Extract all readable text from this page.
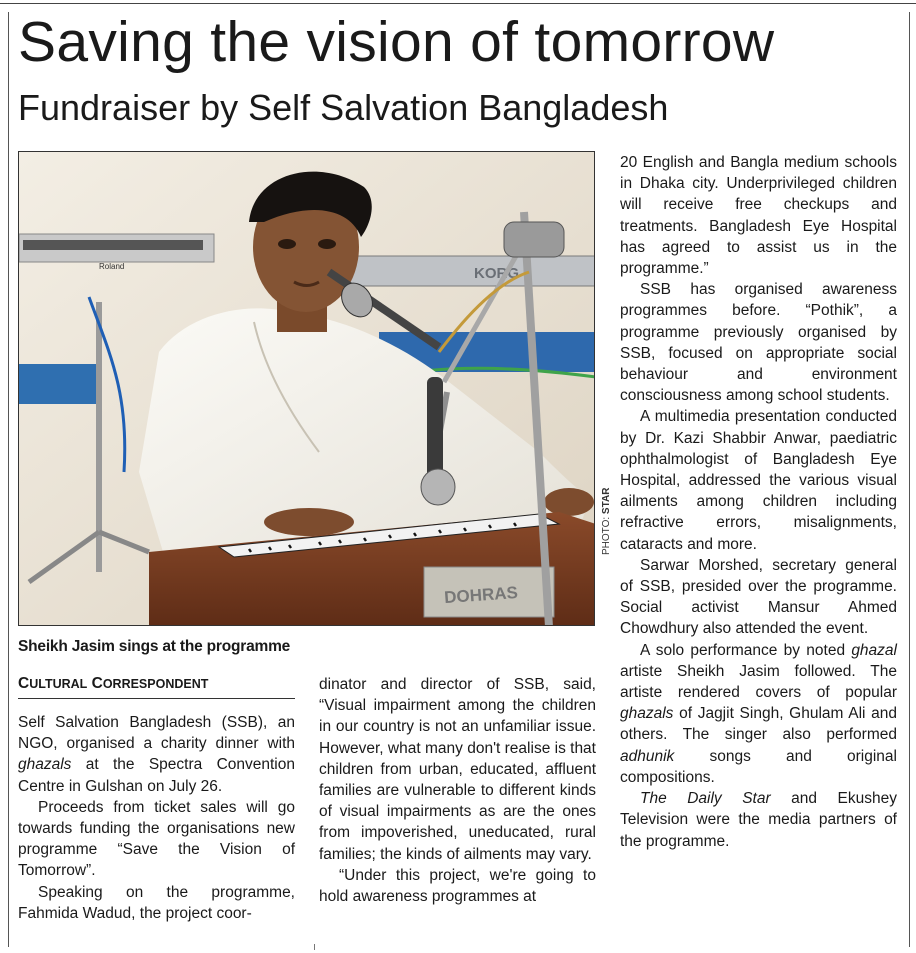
Saving the vision of tomorrow
Fundraiser by Self Salvation Bangladesh
Roland	KORG
DOHRAS
PHOTO: STAR
Sheikh Jasim sings at the programme
CULTURAL CORRESPONDENT

Self Salvation Bangladesh (SSB), an NGO, organised a charity dinner with ghazals at the Spectra Convention Centre in Gulshan on July 26.

Proceeds from ticket sales will go towards funding the organisations new programme “Save the Vision of Tomorrow”.

Speaking on the programme, Fahmida Wadud, the project coor-

dinator and director of SSB, said, “Visual impairment among the children in our country is not an unfamiliar issue. However, what many don't realise is that children from urban, educated, affluent families are vulnerable to different kinds of visual impairments as are the ones from impoverished, uneducated, rural families; the kinds of ailments may vary.

“Under this project, we're going to hold awareness programmes at

20 English and Bangla medium schools in Dhaka city. Underprivileged children will receive free checkups and treatments. Bangladesh Eye Hospital has agreed to assist us in the programme.”

SSB has organised awareness programmes before. “Pothik”, a programme previously organised by SSB, focused on appropriate social behaviour and environment consciousness among school students.

A multimedia presentation conducted by Dr. Kazi Shabbir Anwar, paediatric ophthalmologist of Bangladesh Eye Hospital, addressed the various visual ailments among children including refractive errors, misalignments, cataracts and more.

Sarwar Morshed, secretary general of SSB, presided over the programme. Social activist Mansur Ahmed Chowdhury also attended the event.

A solo performance by noted ghazal artiste Sheikh Jasim followed. The artiste rendered covers of popular ghazals of Jagjit Singh, Ghulam Ali and others. The singer also performed adhunik songs and original compositions.

The Daily Star and Ekushey Television were the media partners of the programme.
